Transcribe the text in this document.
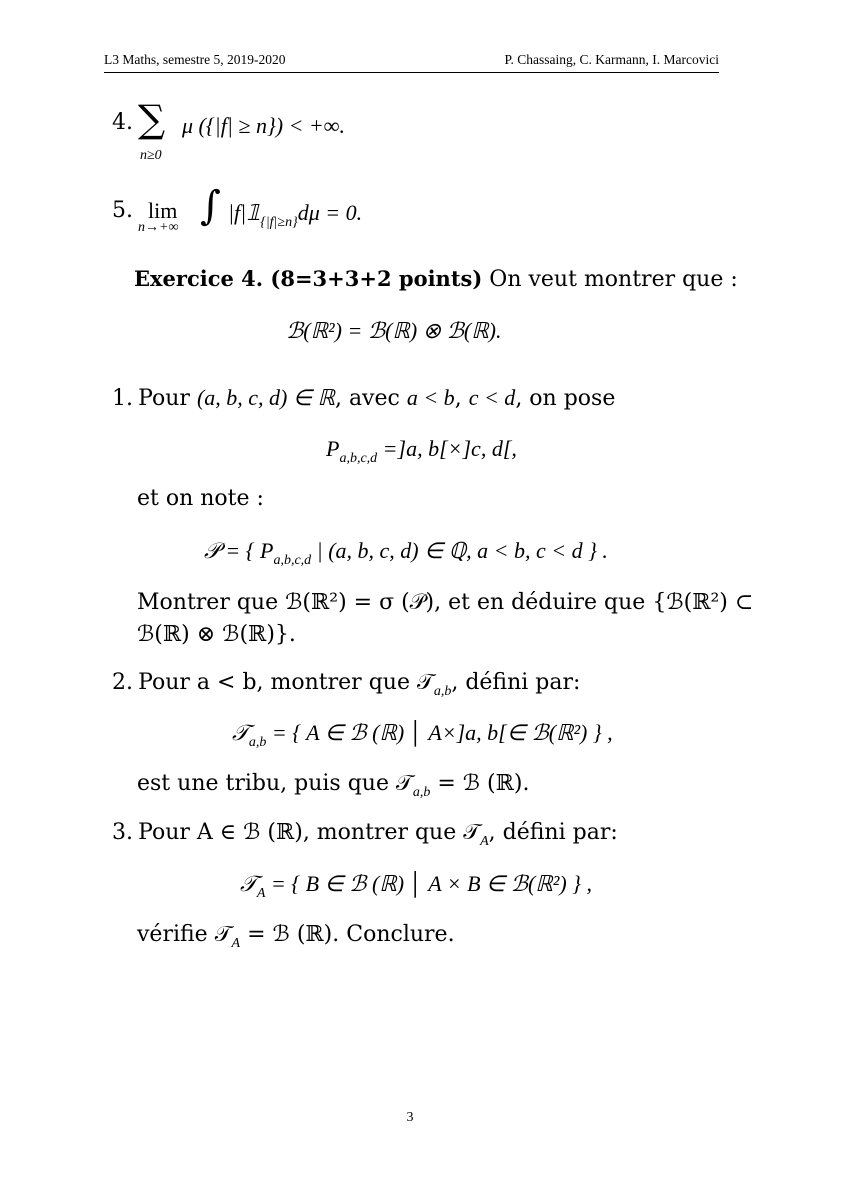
L3 Maths, semestre 5, 2019-2020	P. Chassaing, C. Karmann, I. Marcovici
4. ∑
n≥0
μ ({|f| ≥ n}) < +∞.
5. lim
n→+∞ ∫ |f|𝟙{|f|≥n}dμ = 0.
Exercice 4. (8=3+3+2 points) On veut montrer que :
ℬ(ℝ²) = ℬ(ℝ) ⊗ ℬ(ℝ).
1. Pour (a, b, c, d) ∈ ℝ, avec a < b, c < d, on pose
Pa,b,c,d =]a, b[×]c, d[,
et on note :
𝒫 = { Pa,b,c,d | (a, b, c, d) ∈ ℚ, a < b, c < d } .
Montrer que ℬ(ℝ²) = σ (𝒫), et en déduire que {ℬ(ℝ²) ⊂
ℬ(ℝ) ⊗ ℬ(ℝ)}.
2. Pour a < b, montrer que 𝒯a,b, défini par:
𝒯a,b = { A ∈ ℬ (ℝ) │ A×]a, b[∈ ℬ(ℝ²) } ,
est une tribu, puis que 𝒯a,b = ℬ (ℝ).
3. Pour A ∈ ℬ (ℝ), montrer que 𝒯A, défini par:
𝒯A = { B ∈ ℬ (ℝ) │ A × B ∈ ℬ(ℝ²) } ,
vérifie 𝒯A = ℬ (ℝ). Conclure.
3
